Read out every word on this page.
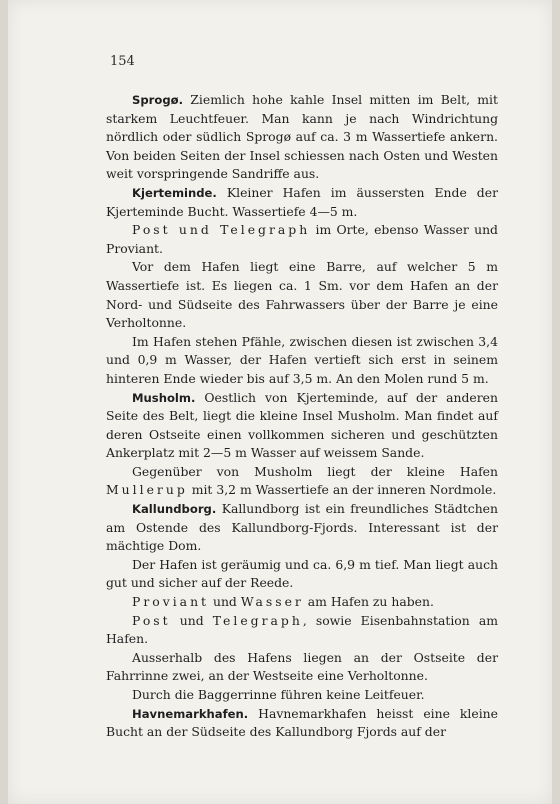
154

Sprogø. Ziemlich hohe kahle Insel mitten im Belt, mit starkem Leuchtfeuer. Man kann je nach Windrichtung nördlich oder südlich Sprogø auf ca. 3 m Wassertiefe ankern. Von beiden Seiten der Insel schiessen nach Osten und Westen weit vorspringende Sandriffe aus.

Kjerteminde. Kleiner Hafen im äussersten Ende der Kjerteminde Bucht. Wassertiefe 4—5 m.

Post und Telegraph im Orte, ebenso Wasser und Proviant.

Vor dem Hafen liegt eine Barre, auf welcher 5 m Wassertiefe ist. Es liegen ca. 1 Sm. vor dem Hafen an der Nord- und Südseite des Fahrwassers über der Barre je eine Verholtonne.

Im Hafen stehen Pfähle, zwischen diesen ist zwischen 3,4 und 0,9 m Wasser, der Hafen vertieft sich erst in seinem hinteren Ende wieder bis auf 3,5 m. An den Molen rund 5 m.

Musholm. Oestlich von Kjerteminde, auf der anderen Seite des Belt, liegt die kleine Insel Musholm. Man findet auf deren Ostseite einen vollkommen sicheren und geschützten Ankerplatz mit 2—5 m Wasser auf weissem Sande.

Gegenüber von Musholm liegt der kleine Hafen Mullerup mit 3,2 m Wassertiefe an der inneren Nordmole.

Kallundborg. Kallundborg ist ein freundliches Städtchen am Ostende des Kallundborg-Fjords. Interessant ist der mächtige Dom.

Der Hafen ist geräumig und ca. 6,9 m tief. Man liegt auch gut und sicher auf der Reede.

Proviant und Wasser am Hafen zu haben.

Post und Telegraph, sowie Eisenbahnstation am Hafen.

Ausserhalb des Hafens liegen an der Ostseite der Fahrrinne zwei, an der Westseite eine Verholtonne.

Durch die Baggerrinne führen keine Leitfeuer.

Havnemarkhafen. Havnemarkhafen heisst eine kleine Bucht an der Südseite des Kallundborg Fjords auf der
